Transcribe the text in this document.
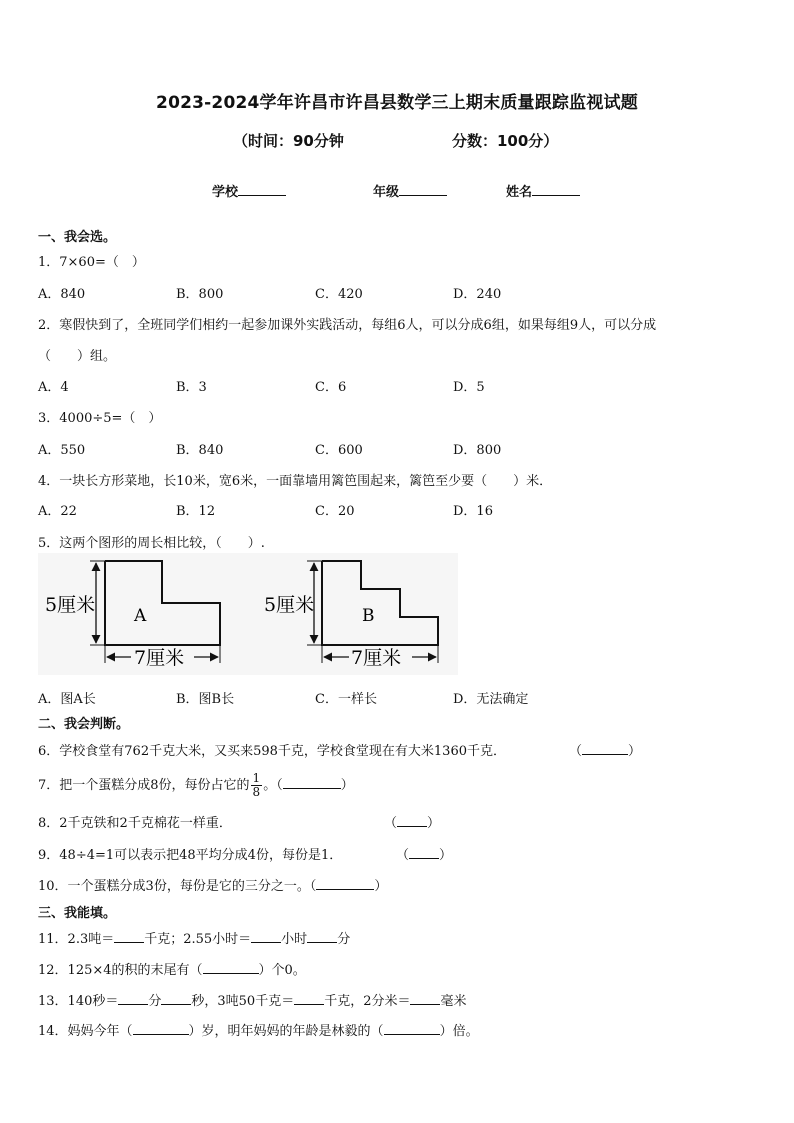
2023-2024学年许昌市许昌县数学三上期末质量跟踪监视试题
（时间：90分钟	分数：100分）
学校	年级	姓名
一、我会选。
1．7×60=（　）
A．840	B．800	C．420	D．240
2．寒假快到了，全班同学们相约一起参加课外实践活动，每组6人，可以分成6组，如果每组9人，可以分成
（　　）组。
A．4	B．3	C．6	D．5
3．4000÷5=（　）
A．550	B．840	C．600	D．800
4．一块长方形菜地，长10米，宽6米，一面靠墙用篱笆围起来，篱笆至少要（　　）米．
A．22	B．12	C．20	D．16
5．这两个图形的周长相比较，（　　）.
5厘米
7厘米
A	5厘米
7厘米
B
A．图A长	B．图B长	C．一样长	D．无法确定
二、我会判断。
6．学校食堂有762千克大米，又买来598千克，学校食堂现在有大米1360千克．	（	）
7．把一个蛋糕分成8份，每份占它的 $\frac{1}{8}$ 。（	）
8．2千克铁和2千克棉花一样重．	（ ）
9．48÷4=1可以表示把48平均分成4份，每份是1．	（ ）
10．一个蛋糕分成3份，每份是它的三分之一。（	）
三、我能填。
11．2.3吨＝ 千克；2.55小时＝ 小时 分
12．125×4的积的末尾有（	）个0。
13．140秒＝ 分 秒，3吨50千克＝ 千克，2分米＝ 毫米
14．妈妈今年（	）岁，明年妈妈的年龄是林毅的（	）倍。
